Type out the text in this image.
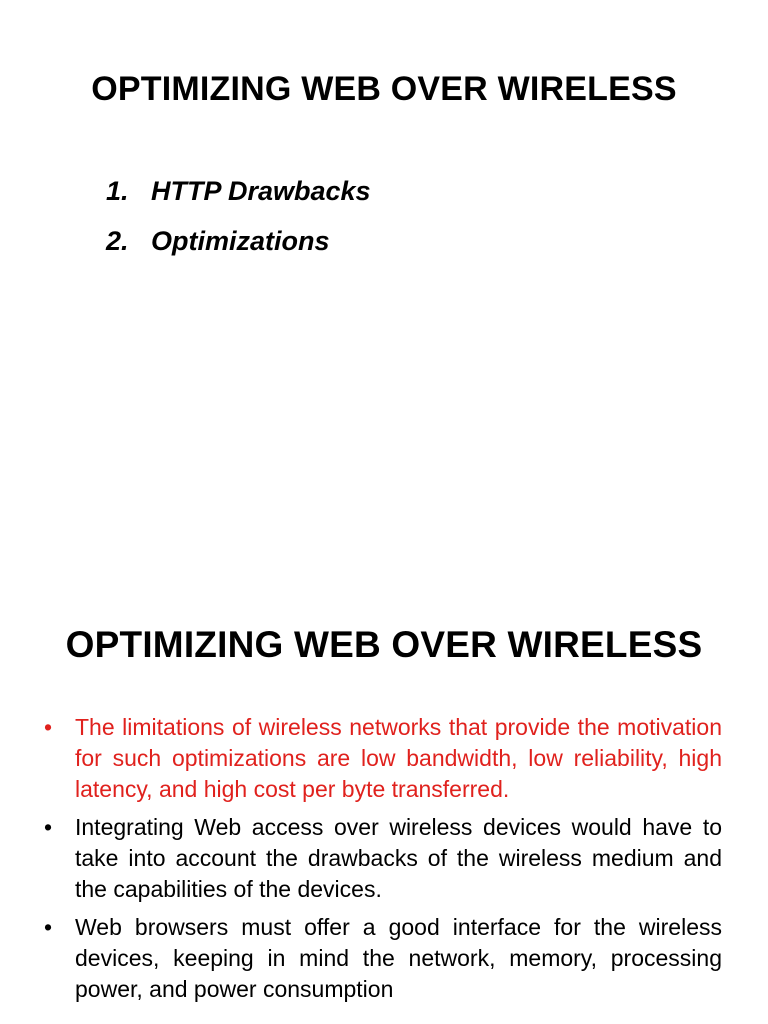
OPTIMIZING WEB OVER WIRELESS
1. HTTP Drawbacks
2. Optimizations
OPTIMIZING WEB OVER WIRELESS
• The limitations of wireless networks that provide the motivation for such optimizations are low bandwidth, low reliability, high latency, and high cost per byte transferred.
• Integrating Web access over wireless devices would have to take into account the drawbacks of the wireless medium and the capabilities of the devices.
• Web browsers must offer a good interface for the wireless devices, keeping in mind the network, memory, processing power, and power consumption
